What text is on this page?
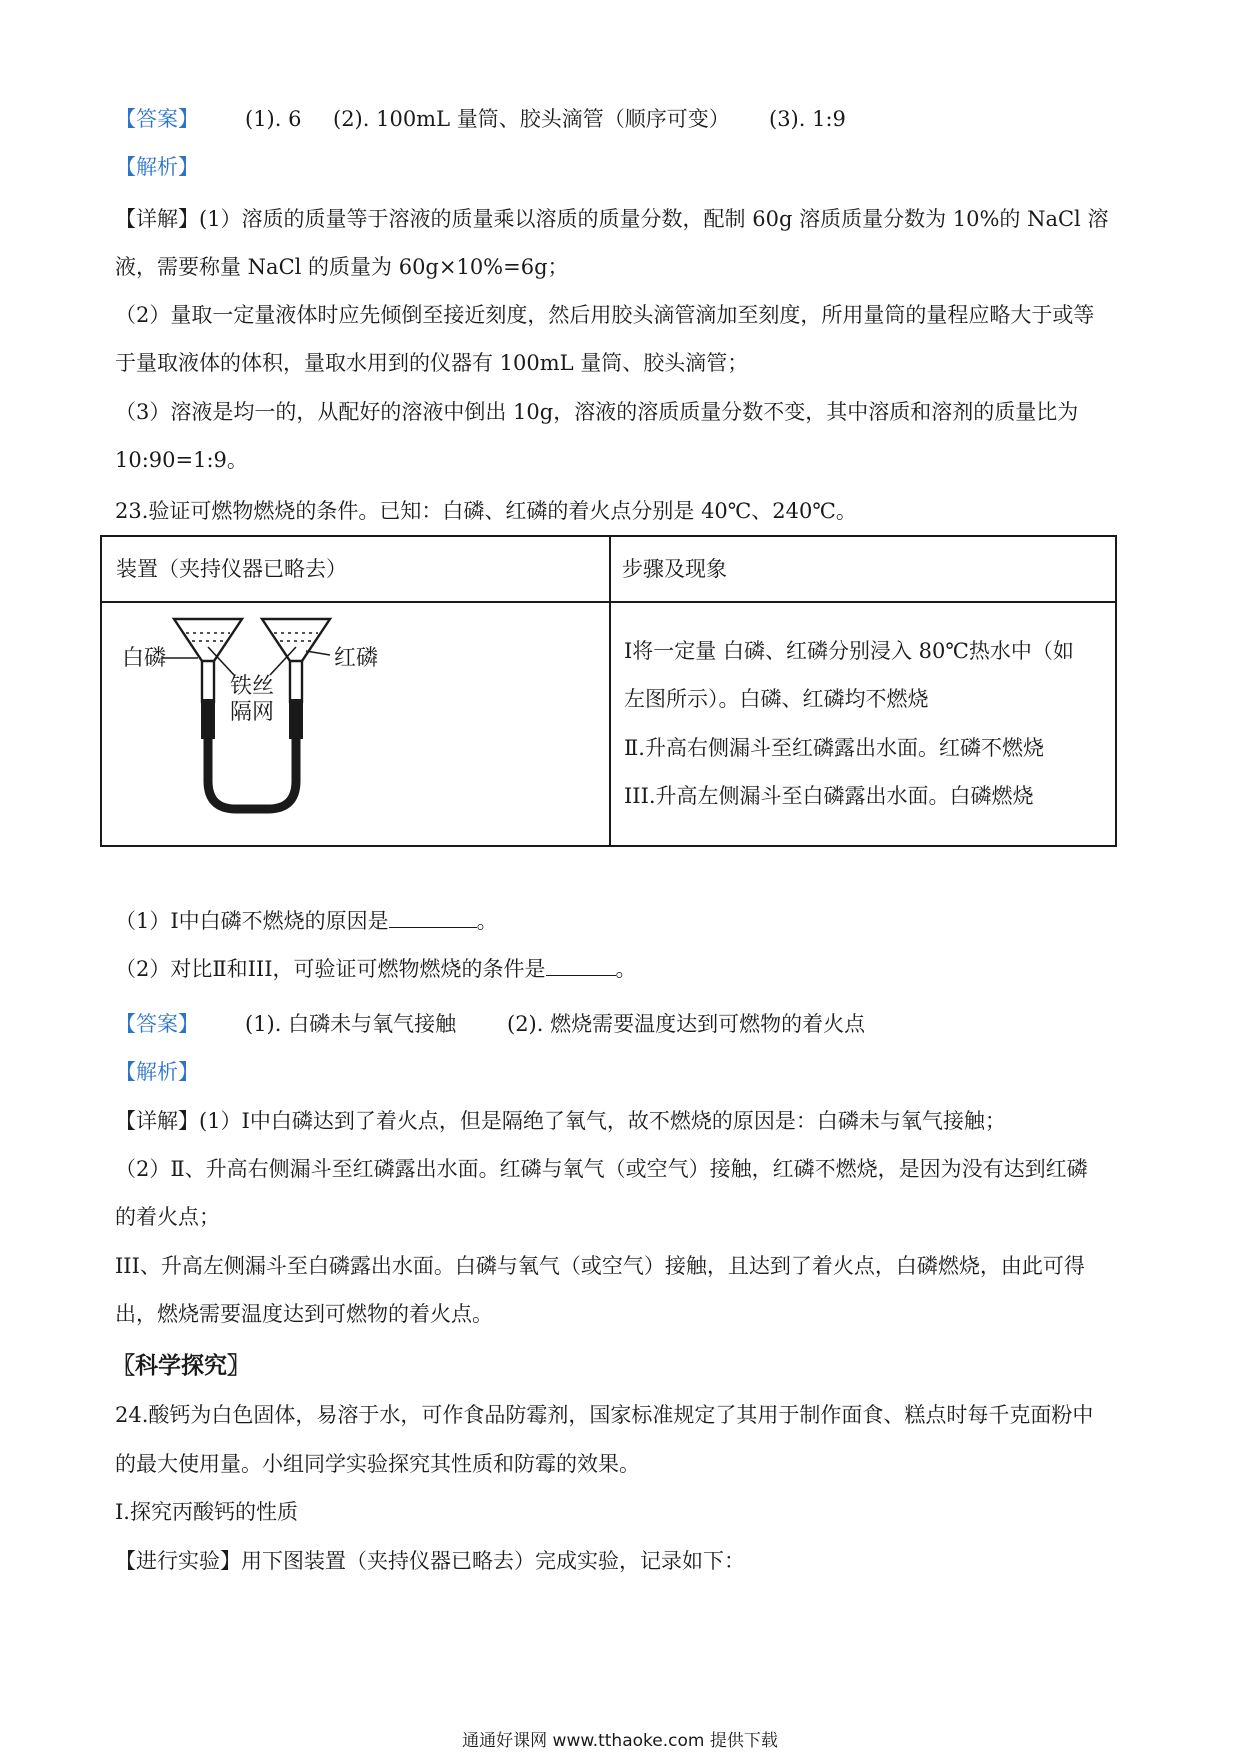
【答案】 (1). 6 (2). 100mL 量筒、胶头滴管（顺序可变） (3). 1:9
【解析】
【详解】(1）溶质的质量等于溶液的质量乘以溶质的质量分数，配制 60g 溶质质量分数为 10%的 NaCl 溶
液，需要称量 NaCl 的质量为 60g×10%=6g；
（2）量取一定量液体时应先倾倒至接近刻度，然后用胶头滴管滴加至刻度，所用量筒的量程应略大于或等
于量取液体的体积，量取水用到的仪器有 100mL 量筒、胶头滴管；
（3）溶液是均一的，从配好的溶液中倒出 10g，溶液的溶质质量分数不变，其中溶质和溶剂的质量比为
10:90=1:9。
23.验证可燃物燃烧的条件。已知：白磷、红磷的着火点分别是 40℃、240℃。
装置（夹持仪器已略去）	步骤及现象
白磷
铁丝
隔网
红磷	Ⅰ将一定量 白磷、红磷分别浸入 80℃热水中（如
左图所示）。白磷、红磷均不燃烧
Ⅱ.升高右侧漏斗至红磷露出水面。红磷不燃烧
III.升高左侧漏斗至白磷露出水面。白磷燃烧
（1）Ⅰ中白磷不燃烧的原因是	。
（2）对比Ⅱ和III，可验证可燃物燃烧的条件是	。
【答案】 (1). 白磷未与氧气接触 (2). 燃烧需要温度达到可燃物的着火点
【解析】
【详解】(1）Ⅰ中白磷达到了着火点，但是隔绝了氧气，故不燃烧的原因是：白磷未与氧气接触；
（2）Ⅱ、升高右侧漏斗至红磷露出水面。红磷与氧气（或空气）接触，红磷不燃烧，是因为没有达到红磷
的着火点；
III、升高左侧漏斗至白磷露出水面。白磷与氧气（或空气）接触，且达到了着火点，白磷燃烧，由此可得
出，燃烧需要温度达到可燃物的着火点。
〖科学探究〗
24.酸钙为白色固体，易溶于水，可作食品防霉剂，国家标准规定了其用于制作面食、糕点时每千克面粉中
的最大使用量。小组同学实验探究其性质和防霉的效果。
I.探究丙酸钙的性质
【进行实验】用下图装置（夹持仪器已略去）完成实验，记录如下：
通通好课网 www.tthaoke.com 提供下载
